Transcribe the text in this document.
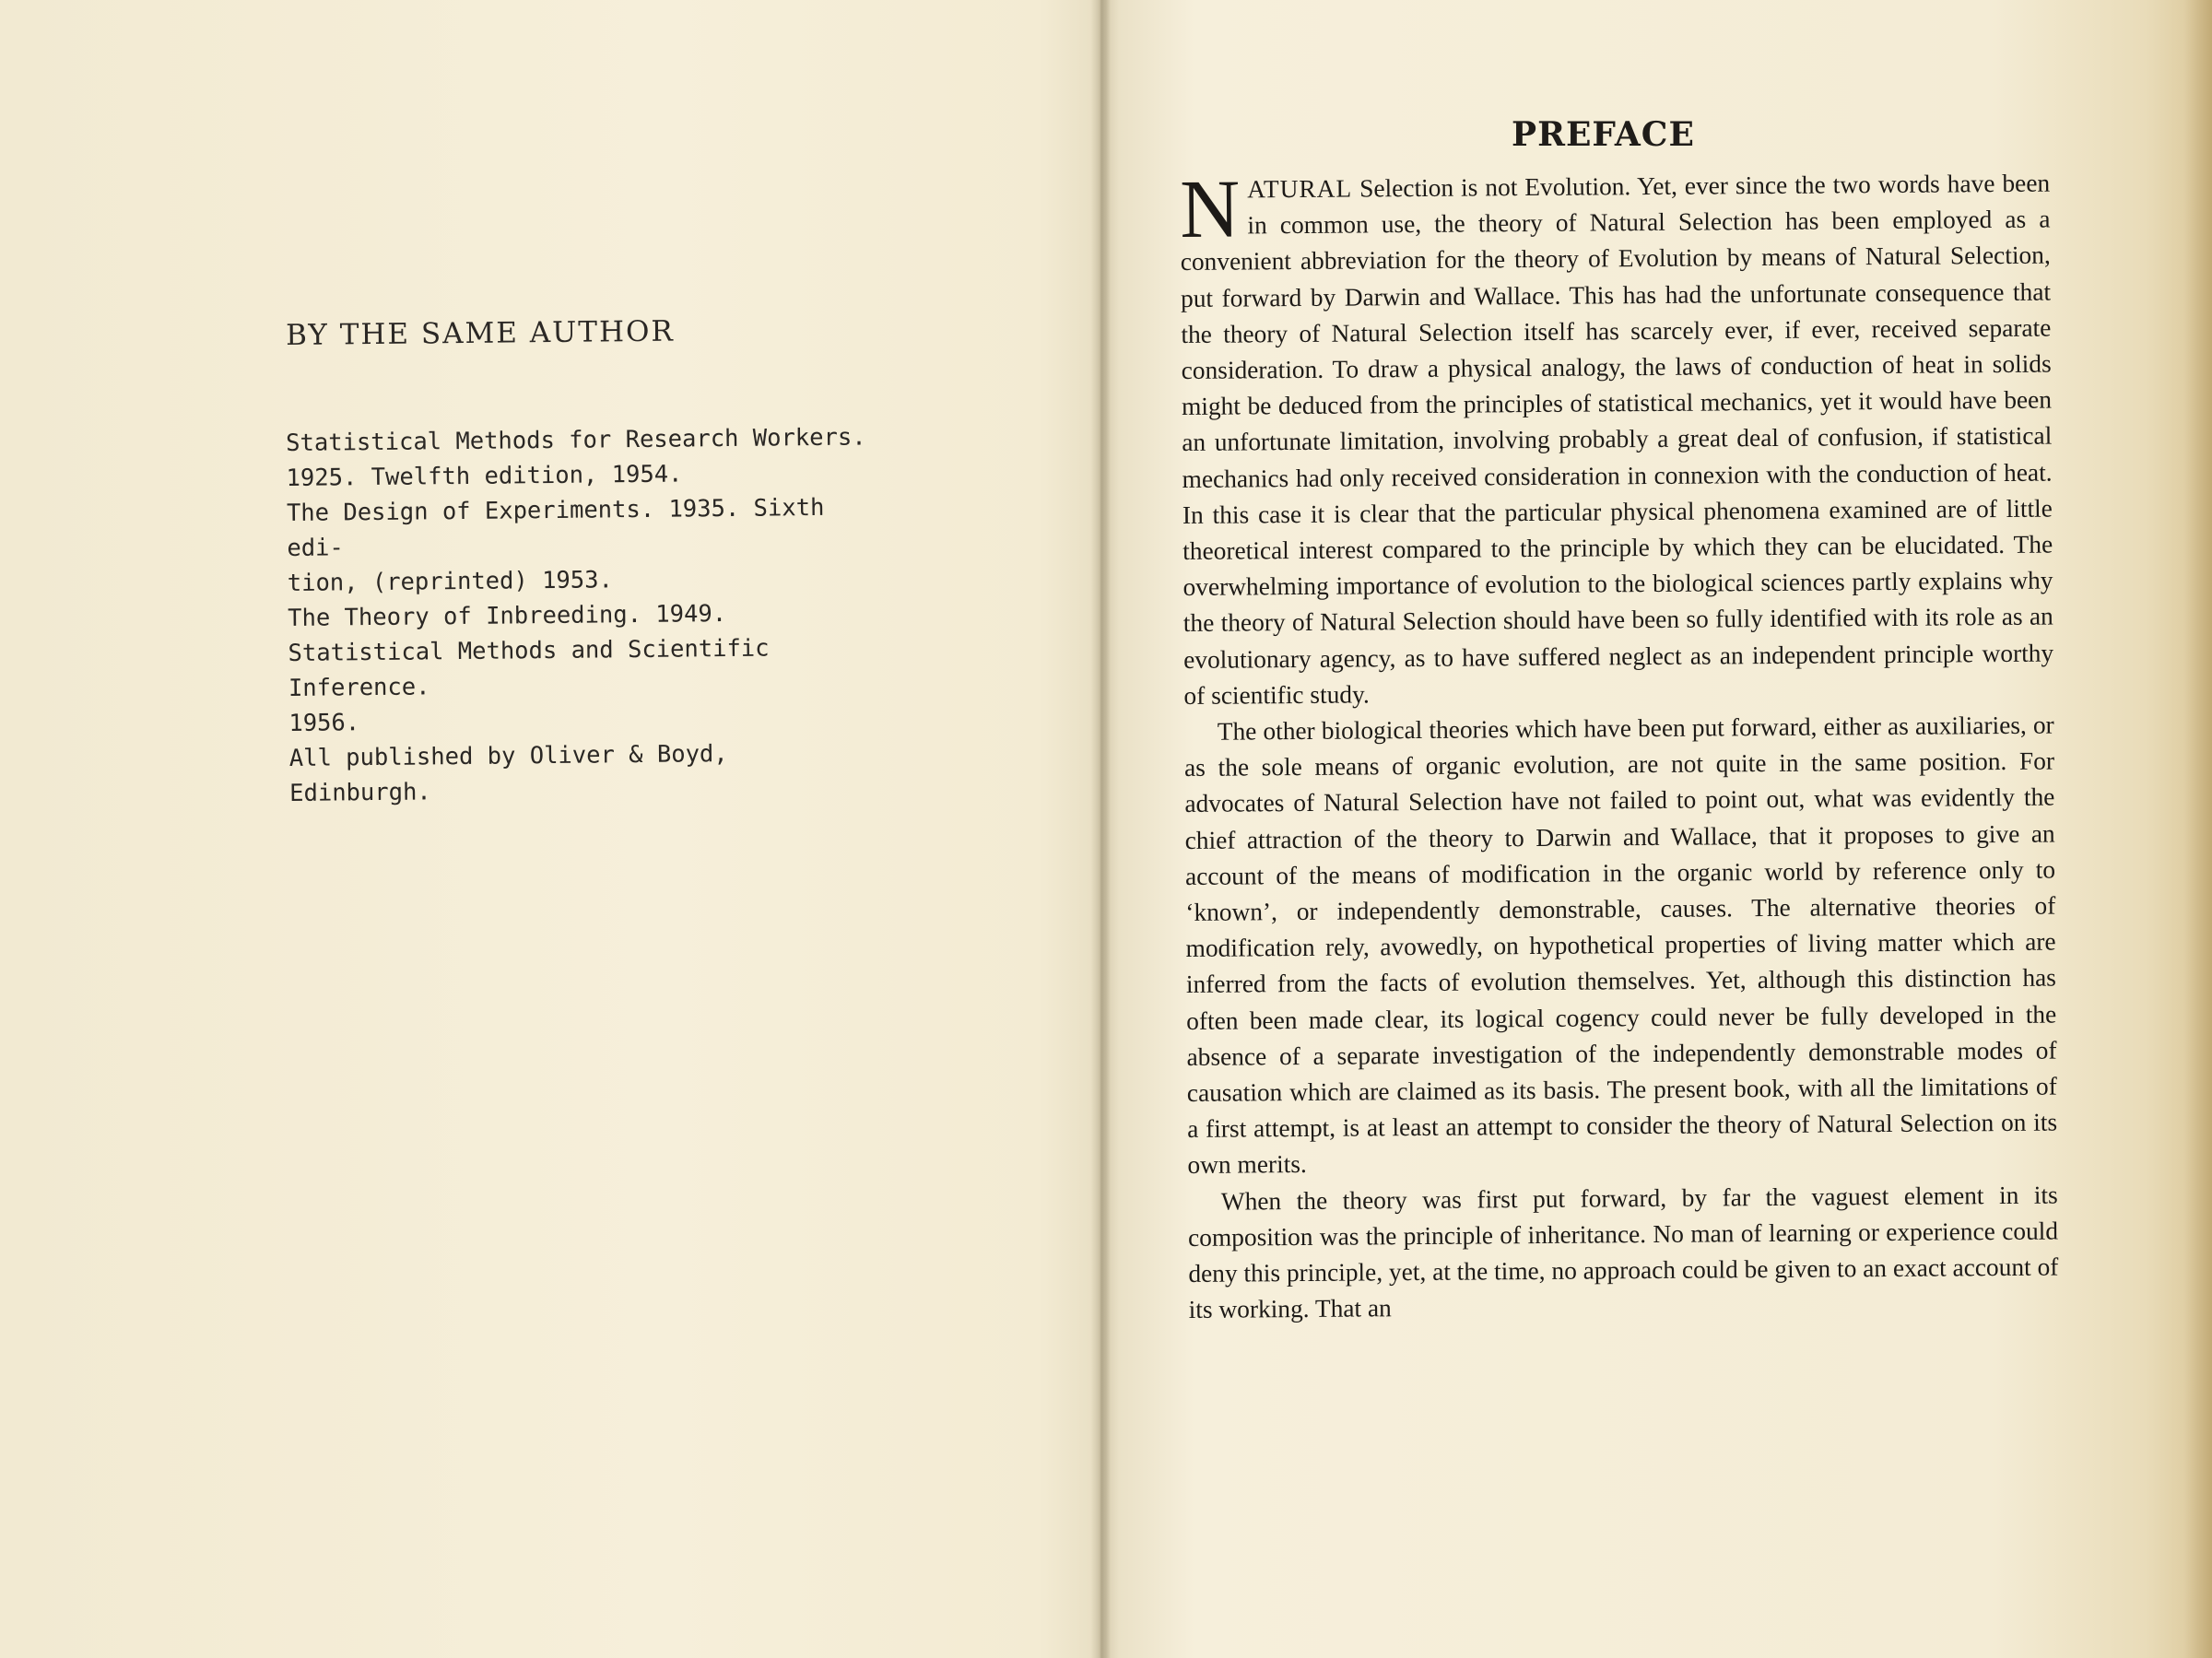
BY THE SAME AUTHOR
Statistical Methods for Research Workers.
1925. Twelfth edition, 1954.
The Design of Experiments. 1935. Sixth edi-
tion, (reprinted) 1953.
The Theory of Inbreeding. 1949.
Statistical Methods and Scientific Inference.
1956.
All published by Oliver & Boyd, Edinburgh.
PREFACE

NATURAL Selection is not Evolution. Yet, ever since the two words have been in common use, the theory of Natural Selection has been employed as a convenient abbreviation for the theory of Evolution by means of Natural Selection, put forward by Darwin and Wallace. This has had the unfortunate consequence that the theory of Natural Selection itself has scarcely ever, if ever, received separate consideration. To draw a physical analogy, the laws of conduction of heat in solids might be deduced from the principles of statistical mechanics, yet it would have been an unfortunate limitation, involving probably a great deal of confusion, if statistical mechanics had only received consideration in connexion with the conduction of heat. In this case it is clear that the particular physical phenomena examined are of little theoretical interest compared to the principle by which they can be elucidated. The overwhelming importance of evolution to the biological sciences partly explains why the theory of Natural Selection should have been so fully identified with its role as an evolutionary agency, as to have suffered neglect as an independent principle worthy of scientific study.

The other biological theories which have been put forward, either as auxiliaries, or as the sole means of organic evolution, are not quite in the same position. For advocates of Natural Selection have not failed to point out, what was evidently the chief attraction of the theory to Darwin and Wallace, that it proposes to give an account of the means of modification in the organic world by reference only to ‘known’, or independently demonstrable, causes. The alternative theories of modification rely, avowedly, on hypothetical properties of living matter which are inferred from the facts of evolution themselves. Yet, although this distinction has often been made clear, its logical cogency could never be fully developed in the absence of a separate investigation of the independently demonstrable modes of causation which are claimed as its basis. The present book, with all the limitations of a first attempt, is at least an attempt to consider the theory of Natural Selection on its own merits.

When the theory was first put forward, by far the vaguest element in its composition was the principle of inheritance. No man of learning or experience could deny this principle, yet, at the time, no approach could be given to an exact account of its working. That an
